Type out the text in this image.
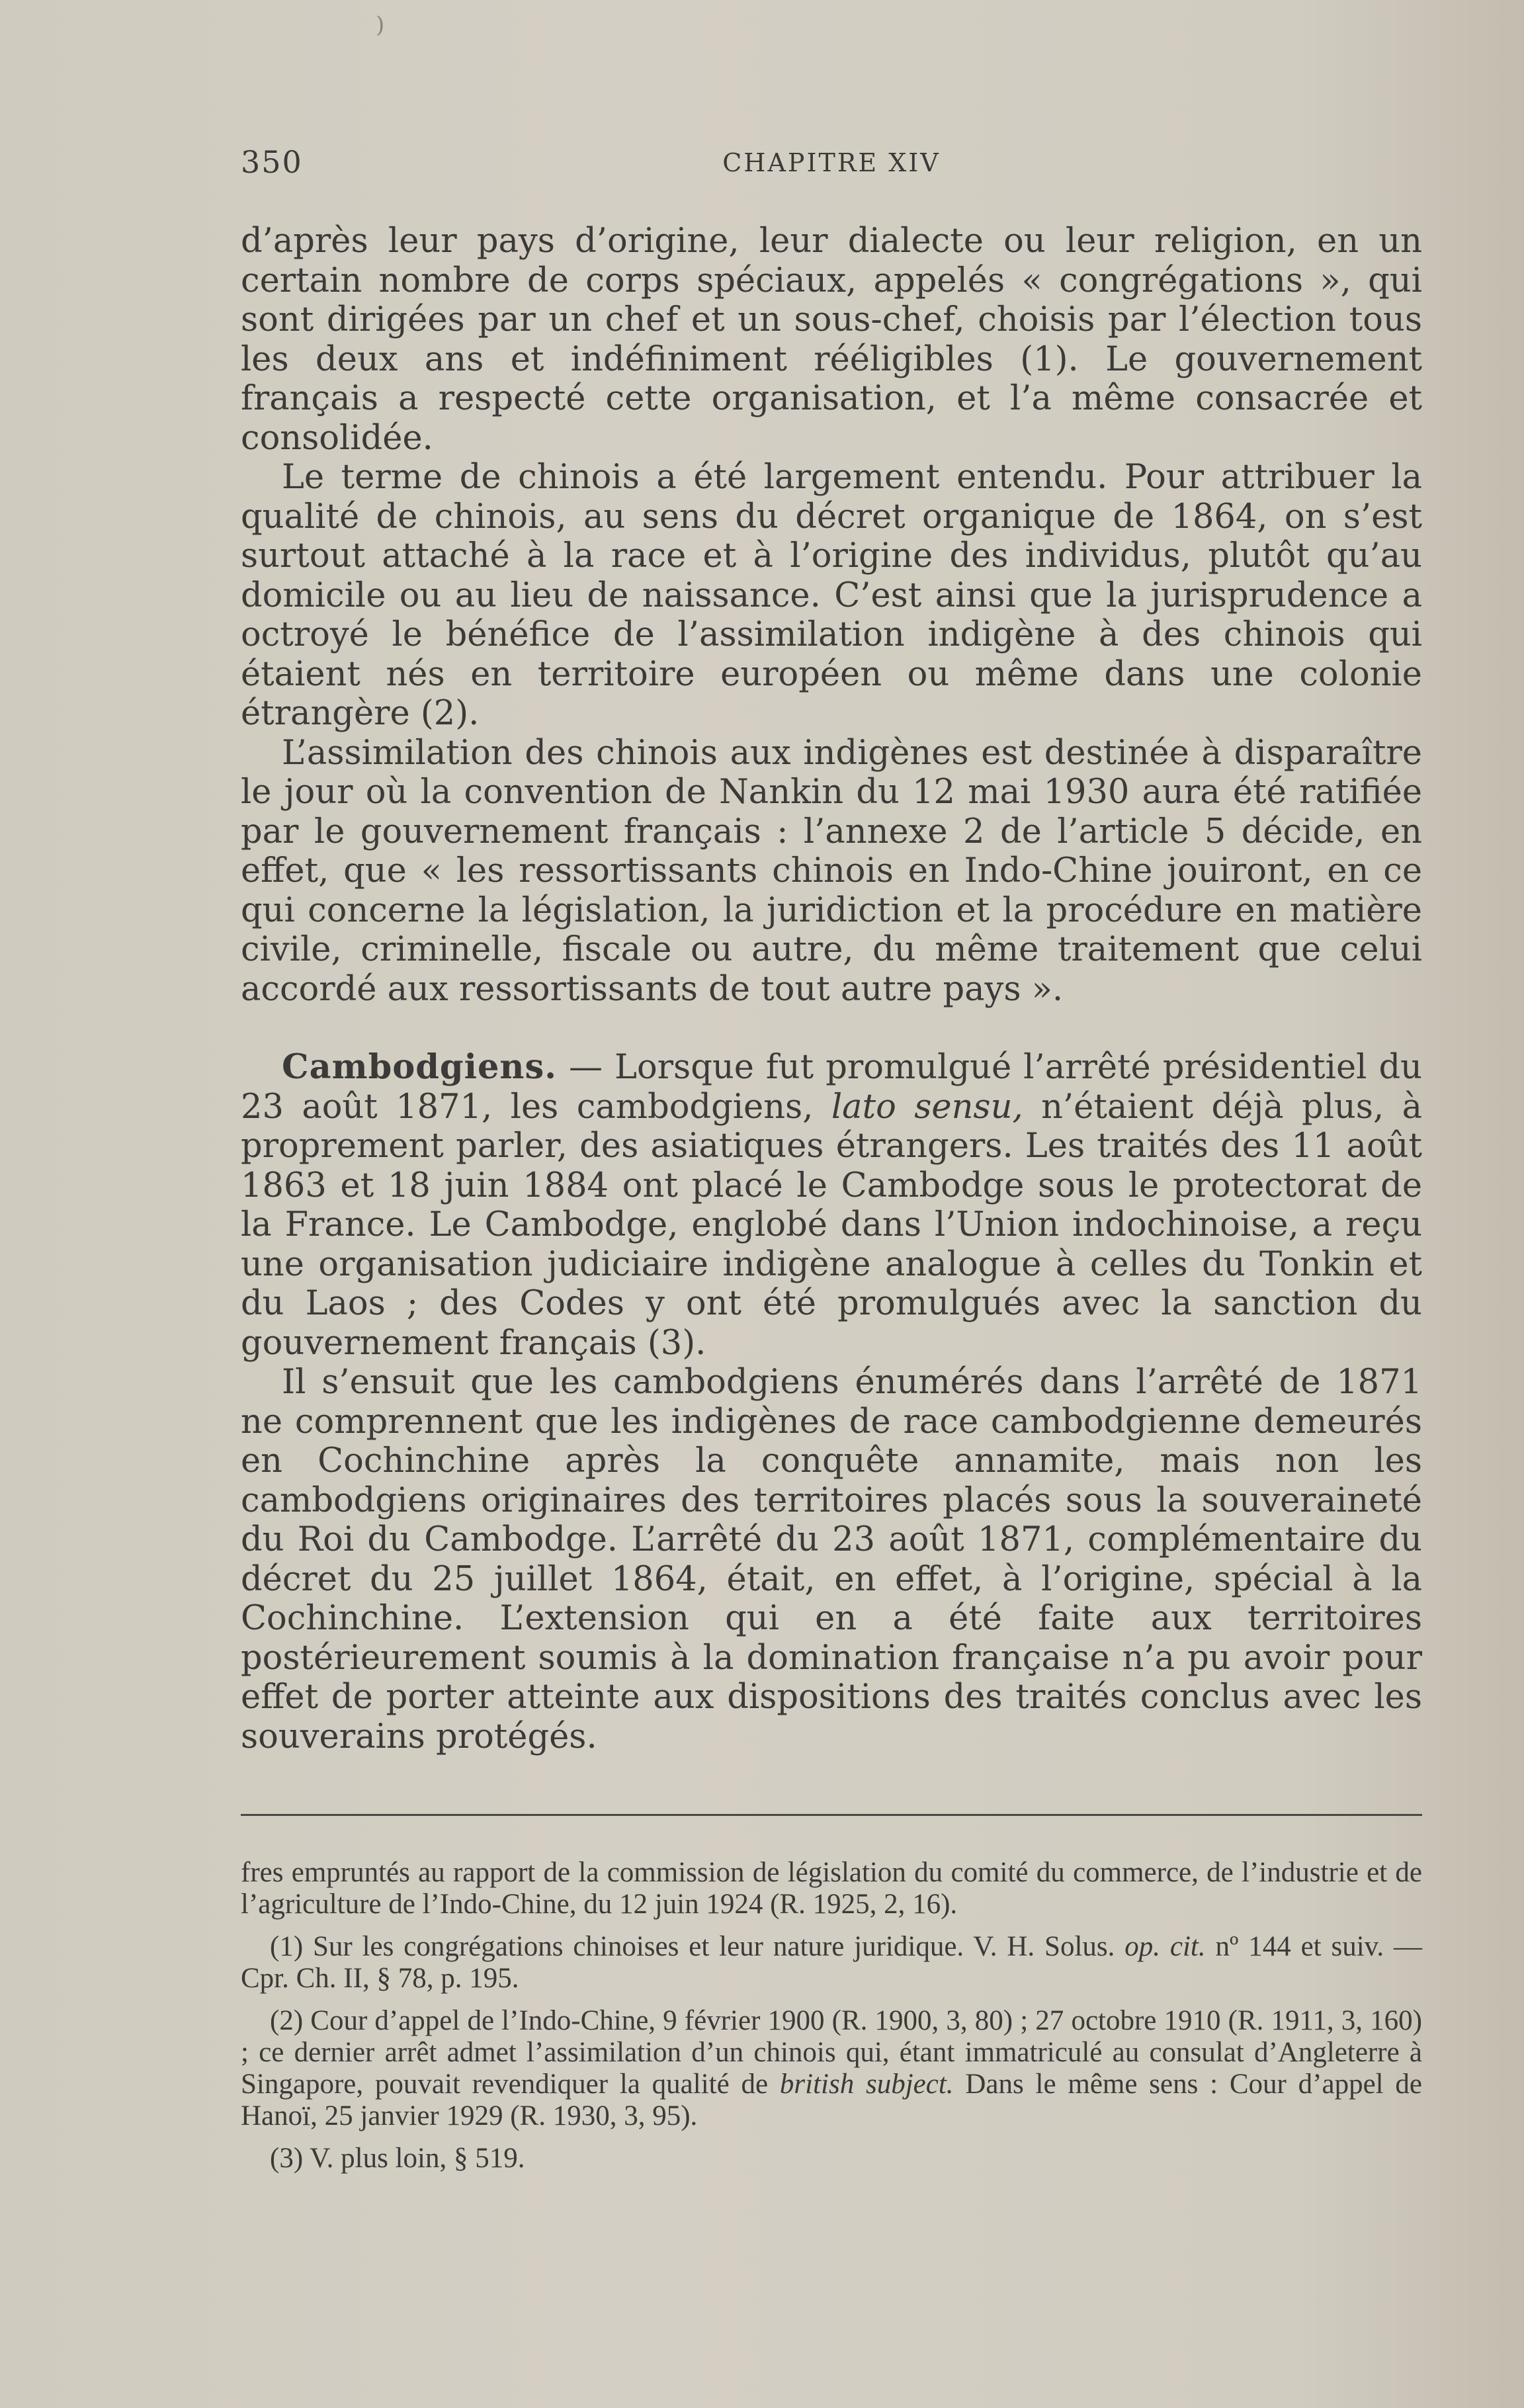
)
350	CHAPITRE XIV

d’après leur pays d’origine, leur dialecte ou leur religion, en un certain nombre de corps spéciaux, appelés « congrégations », qui sont dirigées par un chef et un sous-chef, choisis par l’élection tous les deux ans et indéfiniment rééligibles (1). Le gouvernement français a respecté cette organisation, et l’a même consacrée et consolidée.

Le terme de chinois a été largement entendu. Pour attribuer la qualité de chinois, au sens du décret organique de 1864, on s’est surtout attaché à la race et à l’origine des individus, plutôt qu’au domicile ou au lieu de naissance. C’est ainsi que la jurisprudence a octroyé le bénéfice de l’assimilation indigène à des chinois qui étaient nés en territoire européen ou même dans une colonie étrangère (2).

L’assimilation des chinois aux indigènes est destinée à disparaître le jour où la convention de Nankin du 12 mai 1930 aura été ratifiée par le gouvernement français : l’annexe 2 de l’article 5 décide, en effet, que « les ressortissants chinois en Indo-Chine jouiront, en ce qui concerne la législation, la juridiction et la procédure en matière civile, criminelle, fiscale ou autre, du même traitement que celui accordé aux ressortissants de tout autre pays ».

Cambodgiens. — Lorsque fut promulgué l’arrêté présidentiel du 23 août 1871, les cambodgiens, lato sensu, n’étaient déjà plus, à proprement parler, des asiatiques étrangers. Les traités des 11 août 1863 et 18 juin 1884 ont placé le Cambodge sous le protectorat de la France. Le Cambodge, englobé dans l’Union indochinoise, a reçu une organisation judiciaire indigène analogue à celles du Tonkin et du Laos ; des Codes y ont été promulgués avec la sanction du gouvernement français (3).

Il s’ensuit que les cambodgiens énumérés dans l’arrêté de 1871 ne comprennent que les indigènes de race cambodgienne demeurés en Cochinchine après la conquête annamite, mais non les cambodgiens originaires des territoires placés sous la souveraineté du Roi du Cambodge. L’arrêté du 23 août 1871, complémentaire du décret du 25 juillet 1864, était, en effet, à l’origine, spécial à la Cochinchine. L’extension qui en a été faite aux territoires postérieurement soumis à la domination française n’a pu avoir pour effet de porter atteinte aux dispositions des traités conclus avec les souverains protégés.

fres empruntés au rapport de la commission de législation du comité du commerce, de l’industrie et de l’agriculture de l’Indo-Chine, du 12 juin 1924 (R. 1925, 2, 16).

(1) Sur les congrégations chinoises et leur nature juridique. V. H. Solus. op. cit. nº 144 et suiv. — Cpr. Ch. II, § 78, p. 195.

(2) Cour d’appel de l’Indo-Chine, 9 février 1900 (R. 1900, 3, 80) ; 27 octobre 1910 (R. 1911, 3, 160) ; ce dernier arrêt admet l’assimilation d’un chinois qui, étant immatriculé au consulat d’Angleterre à Singapore, pouvait revendiquer la qualité de british subject. Dans le même sens : Cour d’appel de Hanoï, 25 janvier 1929 (R. 1930, 3, 95).

(3) V. plus loin, § 519.
